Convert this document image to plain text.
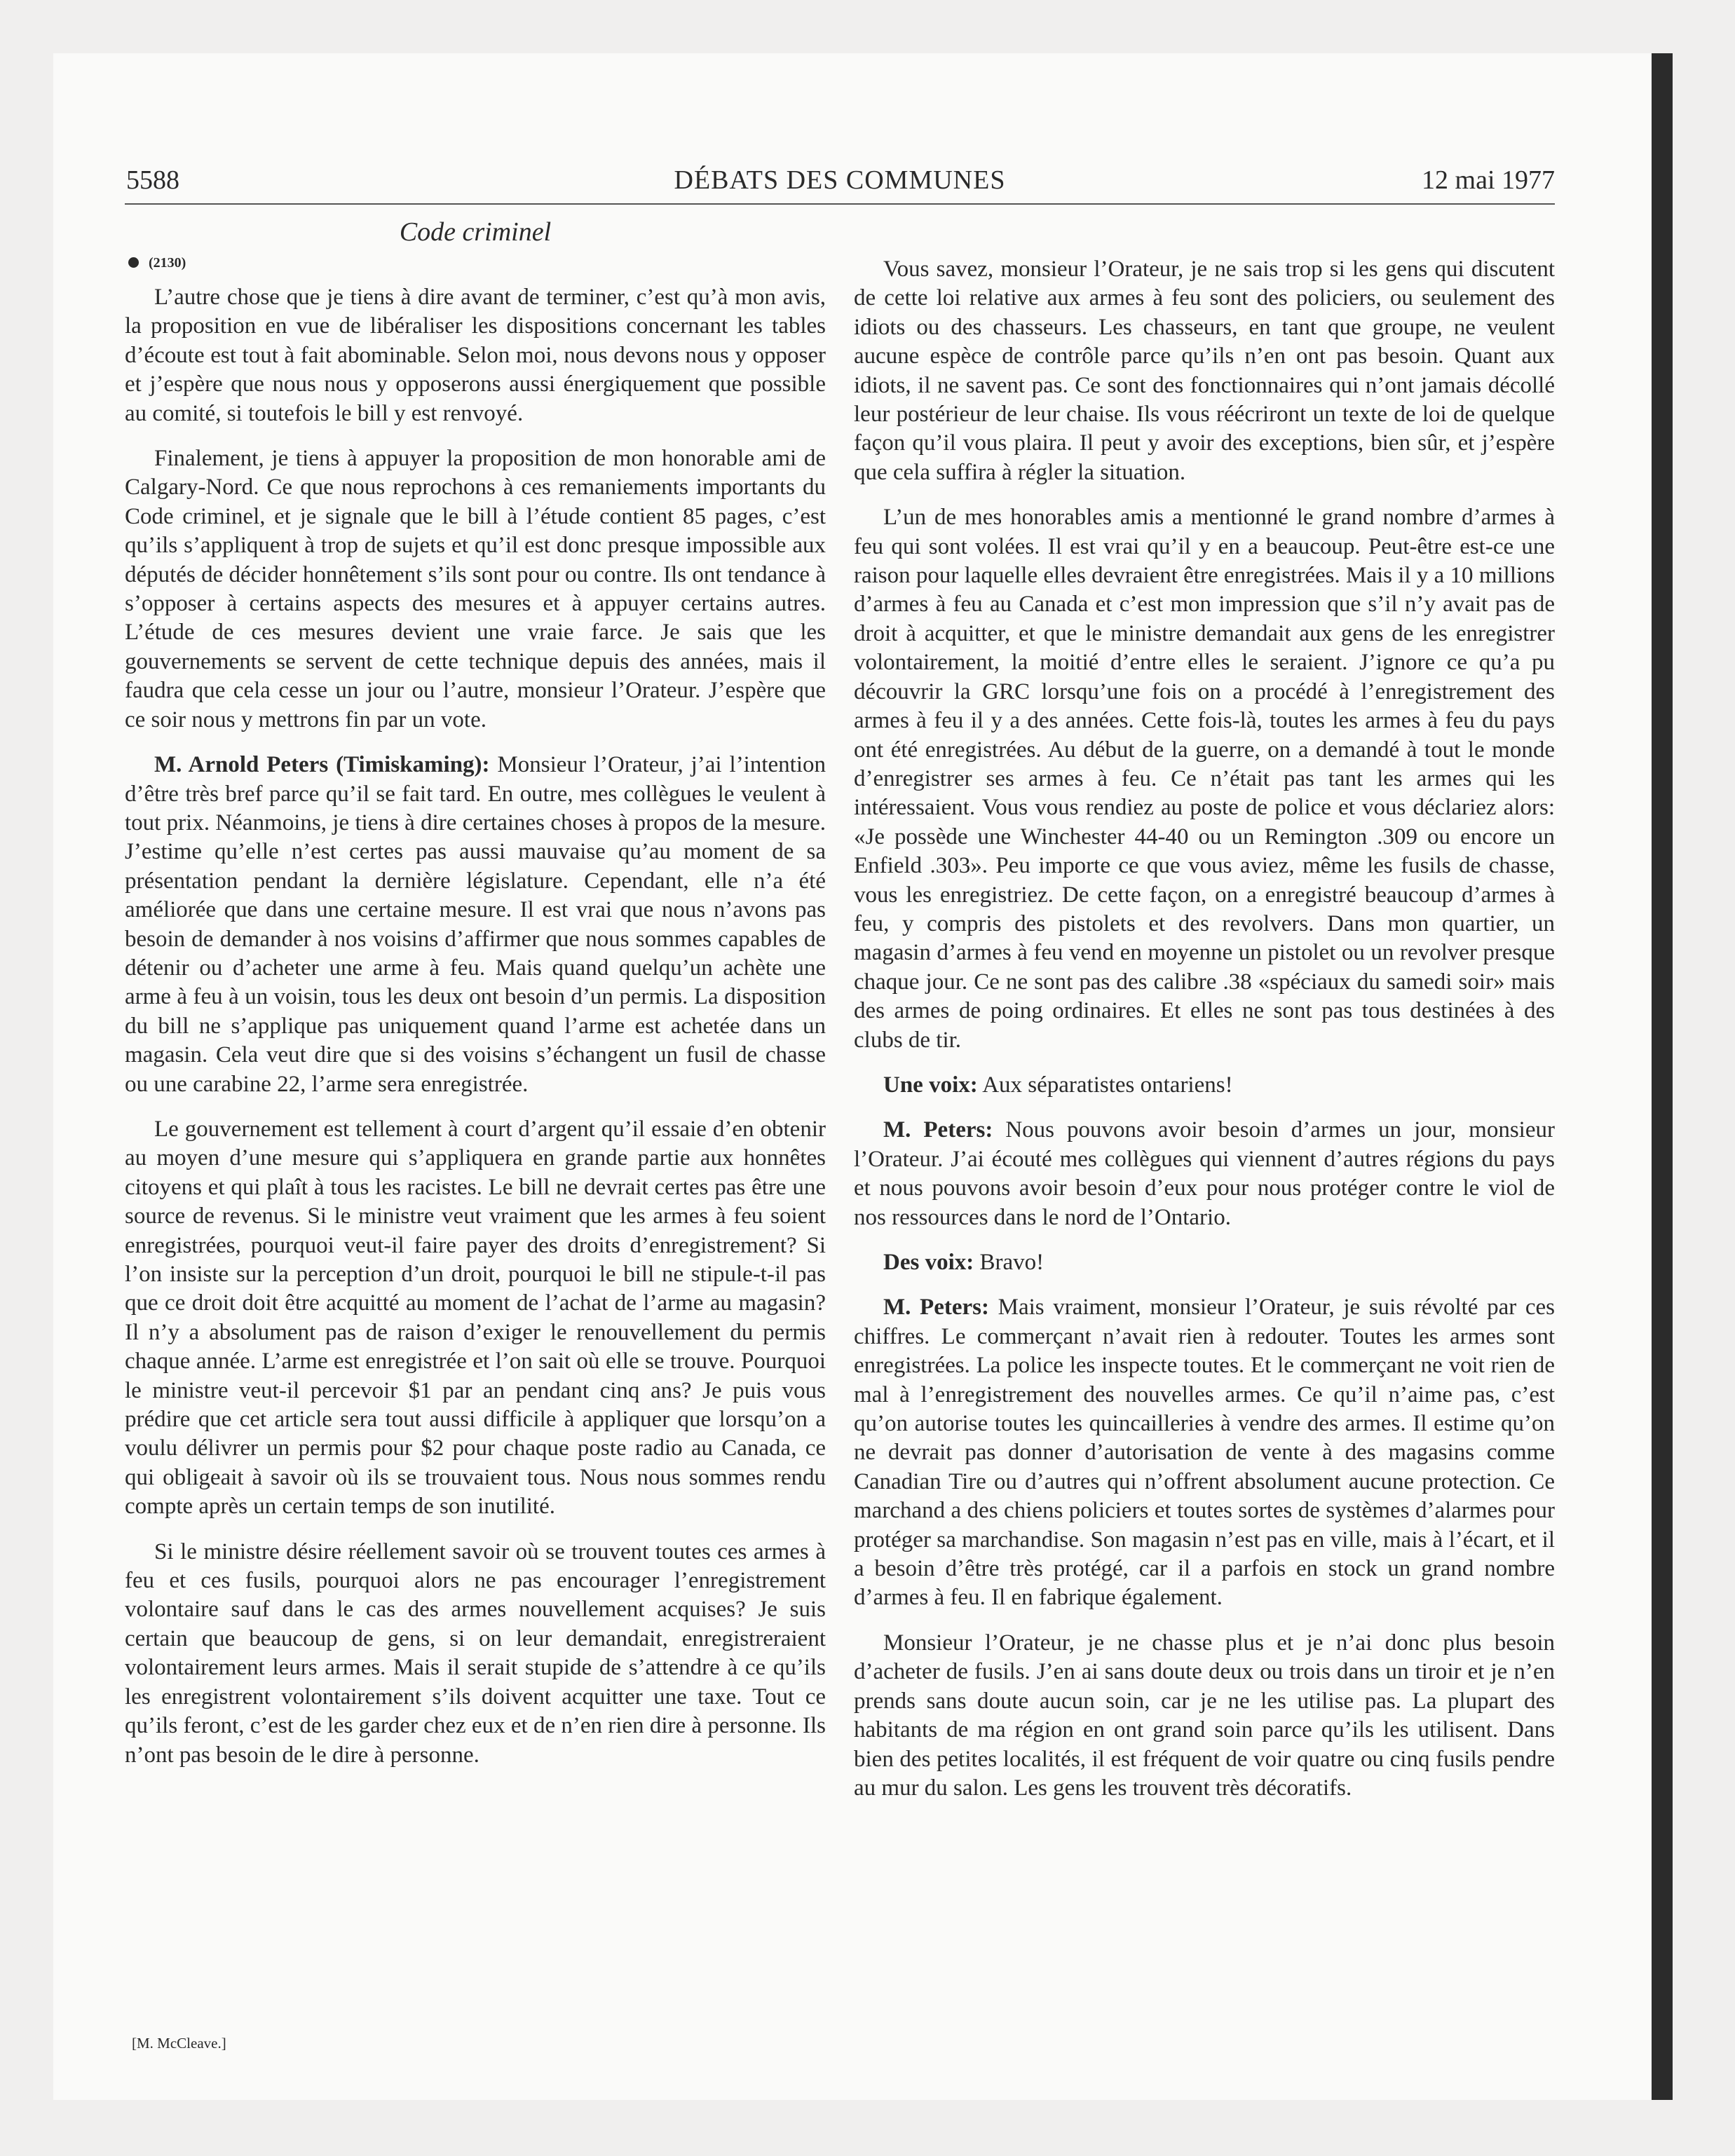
5588	DÉBATS DES COMMUNES	12 mai 1977
Code criminel
(2130)

L’autre chose que je tiens à dire avant de terminer, c’est qu’à mon avis, la proposition en vue de libéraliser les dispositions concernant les tables d’écoute est tout à fait abominable. Selon moi, nous devons nous y opposer et j’espère que nous nous y opposerons aussi énergiquement que possible au comité, si toutefois le bill y est renvoyé.

Finalement, je tiens à appuyer la proposition de mon honorable ami de Calgary-Nord. Ce que nous reprochons à ces remaniements importants du Code criminel, et je signale que le bill à l’étude contient 85 pages, c’est qu’ils s’appliquent à trop de sujets et qu’il est donc presque impossible aux députés de décider honnêtement s’ils sont pour ou contre. Ils ont tendance à s’opposer à certains aspects des mesures et à appuyer certains autres. L’étude de ces mesures devient une vraie farce. Je sais que les gouvernements se servent de cette technique depuis des années, mais il faudra que cela cesse un jour ou l’autre, monsieur l’Orateur. J’espère que ce soir nous y mettrons fin par un vote.

M. Arnold Peters (Timiskaming): Monsieur l’Orateur, j’ai l’intention d’être très bref parce qu’il se fait tard. En outre, mes collègues le veulent à tout prix. Néanmoins, je tiens à dire certaines choses à propos de la mesure. J’estime qu’elle n’est certes pas aussi mauvaise qu’au moment de sa présentation pendant la dernière législature. Cependant, elle n’a été améliorée que dans une certaine mesure. Il est vrai que nous n’avons pas besoin de demander à nos voisins d’affirmer que nous sommes capables de détenir ou d’acheter une arme à feu. Mais quand quelqu’un achète une arme à feu à un voisin, tous les deux ont besoin d’un permis. La disposition du bill ne s’applique pas uniquement quand l’arme est achetée dans un magasin. Cela veut dire que si des voisins s’échangent un fusil de chasse ou une carabine 22, l’arme sera enregistrée.

Le gouvernement est tellement à court d’argent qu’il essaie d’en obtenir au moyen d’une mesure qui s’appliquera en grande partie aux honnêtes citoyens et qui plaît à tous les racistes. Le bill ne devrait certes pas être une source de revenus. Si le ministre veut vraiment que les armes à feu soient enregistrées, pourquoi veut-il faire payer des droits d’enregistrement? Si l’on insiste sur la perception d’un droit, pourquoi le bill ne stipule-t-il pas que ce droit doit être acquitté au moment de l’achat de l’arme au magasin? Il n’y a absolument pas de raison d’exiger le renouvellement du permis chaque année. L’arme est enregistrée et l’on sait où elle se trouve. Pourquoi le ministre veut-il percevoir $1 par an pendant cinq ans? Je puis vous prédire que cet article sera tout aussi difficile à appliquer que lorsqu’on a voulu délivrer un permis pour $2 pour chaque poste radio au Canada, ce qui obligeait à savoir où ils se trouvaient tous. Nous nous sommes rendu compte après un certain temps de son inutilité.

Si le ministre désire réellement savoir où se trouvent toutes ces armes à feu et ces fusils, pourquoi alors ne pas encourager l’enregistrement volontaire sauf dans le cas des armes nouvellement acquises? Je suis certain que beaucoup de gens, si on leur demandait, enregistreraient volontairement leurs armes. Mais il serait stupide de s’attendre à ce qu’ils les enregistrent volontairement s’ils doivent acquitter une taxe. Tout ce qu’ils feront, c’est de les garder chez eux et de n’en rien dire à personne. Ils n’ont pas besoin de le dire à personne.

[M. McCleave.]

Vous savez, monsieur l’Orateur, je ne sais trop si les gens qui discutent de cette loi relative aux armes à feu sont des policiers, ou seulement des idiots ou des chasseurs. Les chasseurs, en tant que groupe, ne veulent aucune espèce de contrôle parce qu’ils n’en ont pas besoin. Quant aux idiots, il ne savent pas. Ce sont des fonctionnaires qui n’ont jamais décollé leur postérieur de leur chaise. Ils vous réécriront un texte de loi de quelque façon qu’il vous plaira. Il peut y avoir des exceptions, bien sûr, et j’espère que cela suffira à régler la situation.

L’un de mes honorables amis a mentionné le grand nombre d’armes à feu qui sont volées. Il est vrai qu’il y en a beaucoup. Peut-être est-ce une raison pour laquelle elles devraient être enregistrées. Mais il y a 10 millions d’armes à feu au Canada et c’est mon impression que s’il n’y avait pas de droit à acquitter, et que le ministre demandait aux gens de les enregistrer volontairement, la moitié d’entre elles le seraient. J’ignore ce qu’a pu découvrir la GRC lorsqu’une fois on a procédé à l’enregistrement des armes à feu il y a des années. Cette fois-là, toutes les armes à feu du pays ont été enregistrées. Au début de la guerre, on a demandé à tout le monde d’enregistrer ses armes à feu. Ce n’était pas tant les armes qui les intéressaient. Vous vous rendiez au poste de police et vous déclariez alors: «Je possède une Winchester 44-40 ou un Remington .309 ou encore un Enfield .303». Peu importe ce que vous aviez, même les fusils de chasse, vous les enregistriez. De cette façon, on a enregistré beaucoup d’armes à feu, y compris des pistolets et des revolvers. Dans mon quartier, un magasin d’armes à feu vend en moyenne un pistolet ou un revolver presque chaque jour. Ce ne sont pas des calibre .38 «spéciaux du samedi soir» mais des armes de poing ordinaires. Et elles ne sont pas tous destinées à des clubs de tir.

Une voix: Aux séparatistes ontariens!

M. Peters: Nous pouvons avoir besoin d’armes un jour, monsieur l’Orateur. J’ai écouté mes collègues qui viennent d’autres régions du pays et nous pouvons avoir besoin d’eux pour nous protéger contre le viol de nos ressources dans le nord de l’Ontario.

Des voix: Bravo!

M. Peters: Mais vraiment, monsieur l’Orateur, je suis révolté par ces chiffres. Le commerçant n’avait rien à redouter. Toutes les armes sont enregistrées. La police les inspecte toutes. Et le commerçant ne voit rien de mal à l’enregistrement des nouvelles armes. Ce qu’il n’aime pas, c’est qu’on autorise toutes les quincailleries à vendre des armes. Il estime qu’on ne devrait pas donner d’autorisation de vente à des magasins comme Canadian Tire ou d’autres qui n’offrent absolument aucune protection. Ce marchand a des chiens policiers et toutes sortes de systèmes d’alarmes pour protéger sa marchandise. Son magasin n’est pas en ville, mais à l’écart, et il a besoin d’être très protégé, car il a parfois en stock un grand nombre d’armes à feu. Il en fabrique également.

Monsieur l’Orateur, je ne chasse plus et je n’ai donc plus besoin d’acheter de fusils. J’en ai sans doute deux ou trois dans un tiroir et je n’en prends sans doute aucun soin, car je ne les utilise pas. La plupart des habitants de ma région en ont grand soin parce qu’ils les utilisent. Dans bien des petites localités, il est fréquent de voir quatre ou cinq fusils pendre au mur du salon. Les gens les trouvent très décoratifs.
